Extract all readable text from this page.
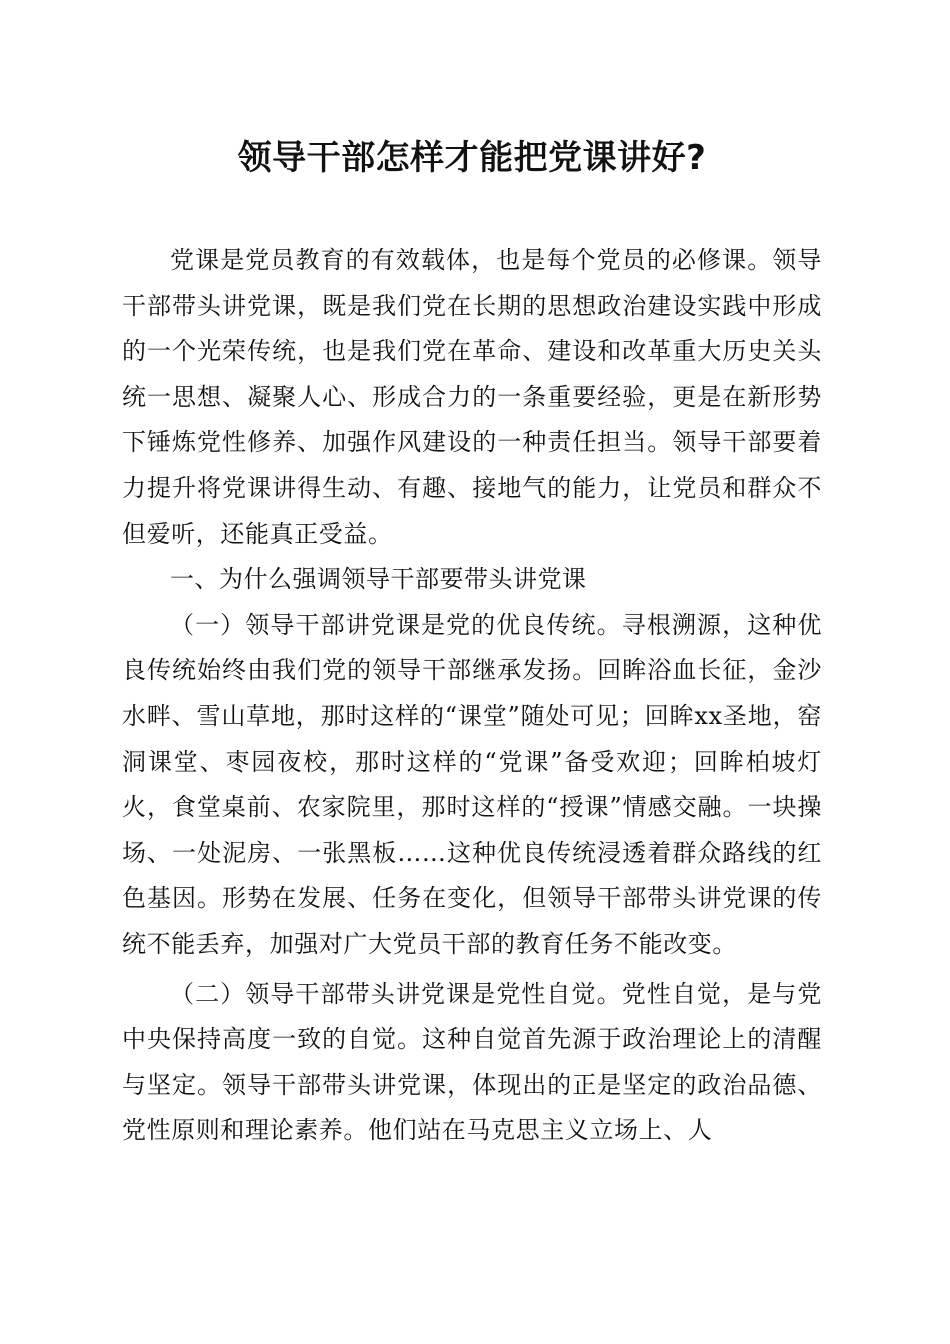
领导干部怎样才能把党课讲好?

党课是党员教育的有效载体，也是每个党员的必修课。领导干部带头讲党课，既是我们党在长期的思想政治建设实践中形成的一个光荣传统，也是我们党在革命、建设和改革重大历史关头统一思想、凝聚人心、形成合力的一条重要经验，更是在新形势下锤炼党性修养、加强作风建设的一种责任担当。领导干部要着力提升将党课讲得生动、有趣、接地气的能力，让党员和群众不但爱听，还能真正受益。

一、为什么强调领导干部要带头讲党课

（一）领导干部讲党课是党的优良传统。寻根溯源，这种优良传统始终由我们党的领导干部继承发扬。回眸浴血长征，金沙水畔、雪山草地，那时这样的“课堂”随处可见；回眸xx圣地，窑洞课堂、枣园夜校，那时这样的“党课”备受欢迎；回眸柏坡灯火，食堂桌前、农家院里，那时这样的“授课”情感交融。一块操场、一处泥房、一张黑板……这种优良传统浸透着群众路线的红色基因。形势在发展、任务在变化，但领导干部带头讲党课的传统不能丢弃，加强对广大党员干部的教育任务不能改变。

（二）领导干部带头讲党课是党性自觉。党性自觉，是与党中央保持高度一致的自觉。这种自觉首先源于政治理论上的清醒与坚定。领导干部带头讲党课，体现出的正是坚定的政治品德、党性原则和理论素养。他们站在马克思主义立场上、人
